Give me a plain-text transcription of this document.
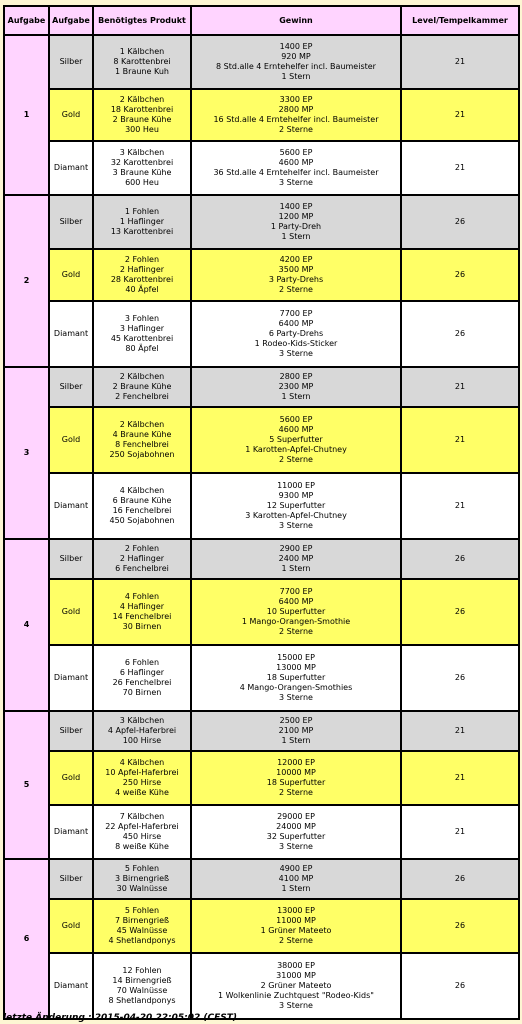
Aufgabe	Aufgabe	Benötigtes Produkt	Gewinn	Level/Tempelkammer
1	Silber	1 Kälbchen
8 Karottenbrei
1 Braune Kuh	1400 EP
920 MP
8 Std.alle 4 Erntehelfer incl. Baumeister
1 Stern	21
	Gold	2 Kälbchen
18 Karottenbrei
2 Braune Kühe
300 Heu	3300 EP
2800 MP
16 Std.alle 4 Erntehelfer incl. Baumeister
2 Sterne	21
	Diamant	3 Kälbchen
32 Karottenbrei
3 Braune Kühe
600 Heu	5600 EP
4600 MP
36 Std.alle 4 Erntehelfer incl. Baumeister
3 Sterne	21
2	Silber	1 Fohlen
1 Haflinger
13 Karottenbrei	1400 EP
1200 MP
1 Party-Dreh
1 Stern	26
	Gold	2 Fohlen
2 Haflinger
28 Karottenbrei
40 Äpfel	4200 EP
3500 MP
3 Party-Drehs
2 Sterne	26
	Diamant	3 Fohlen
3 Haflinger
45 Karottenbrei
80 Äpfel	7700 EP
6400 MP
6 Party-Drehs
1 Rodeo-Kids-Sticker
3 Sterne	26
3	Silber	2 Kälbchen
2 Braune Kühe
2 Fenchelbrei	2800 EP
2300 MP
1 Stern	21
	Gold	2 Kälbchen
4 Braune Kühe
8 Fenchelbrei
250 Sojabohnen	5600 EP
4600 MP
5 Superfutter
1 Karotten-Apfel-Chutney
2 Sterne	21
	Diamant	4 Kälbchen
6 Braune Kühe
16 Fenchelbrei
450 Sojabohnen	11000 EP
9300 MP
12 Superfutter
3 Karotten-Apfel-Chutney
3 Sterne	21
4	Silber	2 Fohlen
2 Haflinger
6 Fenchelbrei	2900 EP
2400 MP
1 Stern	26
	Gold	4 Fohlen
4 Haflinger
14 Fenchelbrei
30 Birnen	7700 EP
6400 MP
10 Superfutter
1 Mango-Orangen-Smothie
2 Sterne	26
	Diamant	6 Fohlen
6 Haflinger
26 Fenchelbrei
70 Birnen	15000 EP
13000 MP
18 Superfutter
4 Mango-Orangen-Smothies
3 Sterne	26
5	Silber	3 Kälbchen
4 Apfel-Haferbrei
100 Hirse	2500 EP
2100 MP
1 Stern	21
	Gold	4 Kälbchen
10 Apfel-Haferbrei
250 Hirse
4 weiße Kühe	12000 EP
10000 MP
18 Superfutter
2 Sterne	21
	Diamant	7 Kälbchen
22 Apfel-Haferbrei
450 Hirse
8 weiße Kühe	29000 EP
24000 MP
32 Superfutter
3 Sterne	21
6	Silber	5 Fohlen
3 Birnengrieß
30 Walnüsse	4900 EP
4100 MP
1 Stern	26
	Gold	5 Fohlen
7 Birnengrieß
45 Walnüsse
4 Shetlandponys	13000 EP
11000 MP
1 Grüner Mateeto
2 Sterne	26
	Diamant	12 Fohlen
14 Birnengrieß
70 Walnüsse
8 Shetlandponys	38000 EP
31000 MP
2 Grüner Mateeto
1 Wolkenlinie Zuchtquest "Rodeo-Kids"
3 Sterne	26
letzte Änderung : 2015-04-20 22:05:02 (CEST)
